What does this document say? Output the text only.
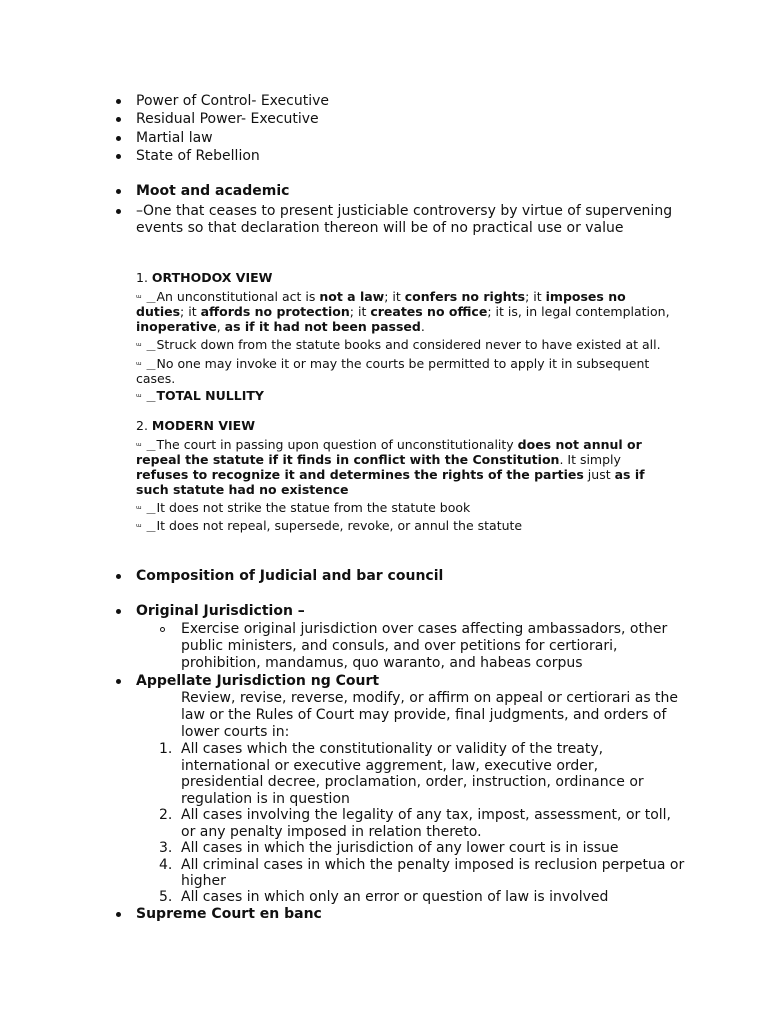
Power of Control- Executive
Residual Power- Executive
Martial law
State of Rebellion
Moot and academic
–One that ceases to present justiciable controversy by virtue of supervening
events so that declaration thereon will be of no practical use or value
1. ORTHODOX VIEW
ᵚ ⎽An unconstitutional act is not a law; it confers no rights; it imposes no
duties; it affords no protection; it creates no office; it is, in legal contemplation,
inoperative, as if it had not been passed.
ᵚ ⎽Struck down from the statute books and considered never to have existed at all.
ᵚ ⎽No one may invoke it or may the courts be permitted to apply it in subsequent
cases.
ᵚ ⎽TOTAL NULLITY
2. MODERN VIEW
ᵚ ⎽The court in passing upon question of unconstitutionality does not annul or
repeal the statute if it finds in conflict with the Constitution. It simply
refuses to recognize it and determines the rights of the parties just as if
such statute had no existence
ᵚ ⎽It does not strike the statue from the statute book
ᵚ ⎽It does not repeal, supersede, revoke, or annul the statute
Composition of Judicial and bar council
Original Jurisdiction –
Exercise original jurisdiction over cases affecting ambassadors, other
public ministers, and consuls, and over petitions for certiorari,
prohibition, mandamus, quo waranto, and habeas corpus
Appellate Jurisdiction ng Court
Review, revise, reverse, modify, or affirm on appeal or certiorari as the
law or the Rules of Court may provide, final judgments, and orders of
lower courts in:
1. All cases which the constitutionality or validity of the treaty,
international or executive aggrement, law, executive order,
presidential decree, proclamation, order, instruction, ordinance or
regulation is in question
2. All cases involving the legality of any tax, impost, assessment, or toll,
or any penalty imposed in relation thereto.
3. All cases in which the jurisdiction of any lower court is in issue
4. All criminal cases in which the penalty imposed is reclusion perpetua or
higher
5. All cases in which only an error or question of law is involved
Supreme Court en banc
